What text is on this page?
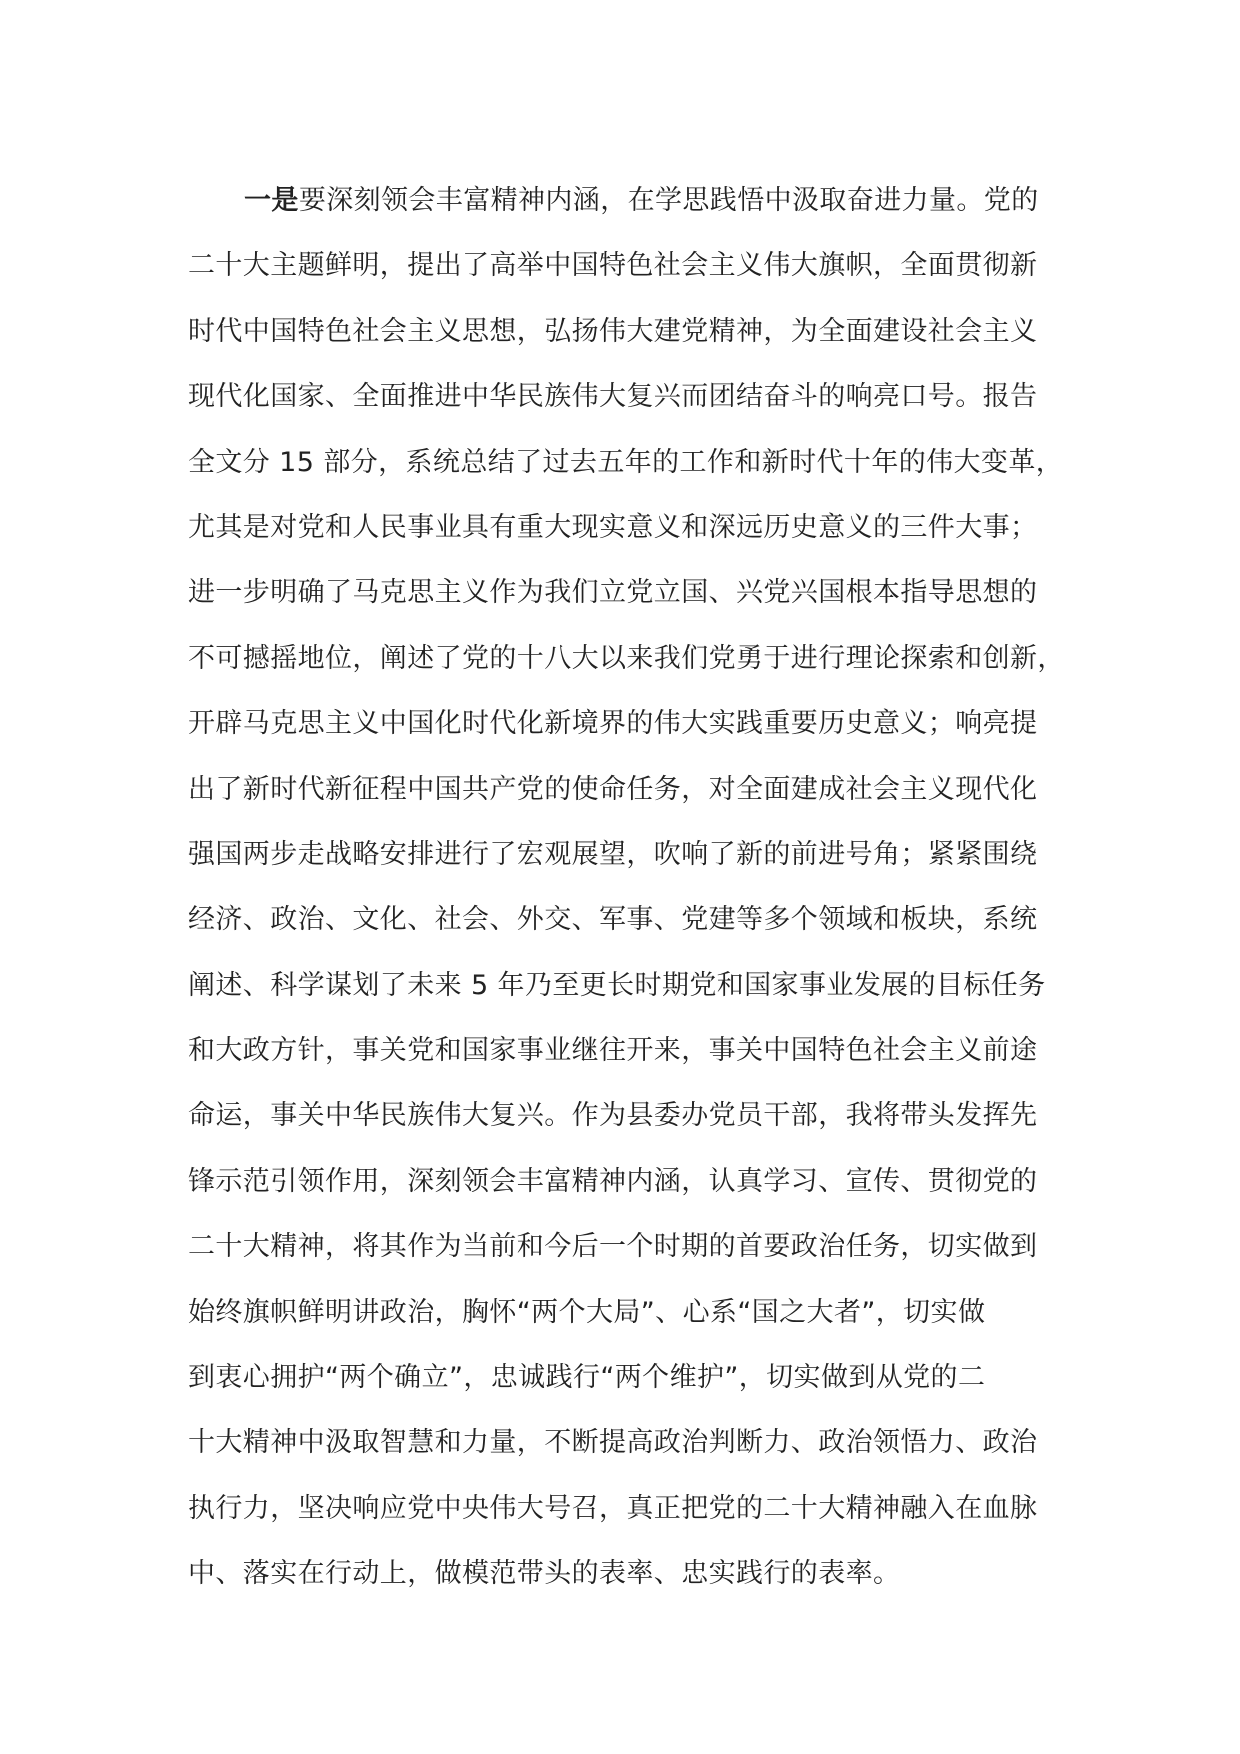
一是要深刻领会丰富精神内涵，在学思践悟中汲取奋进力量。党的
二十大主题鲜明，提出了高举中国特色社会主义伟大旗帜，全面贯彻新
时代中国特色社会主义思想，弘扬伟大建党精神，为全面建设社会主义
现代化国家、全面推进中华民族伟大复兴而团结奋斗的响亮口号。报告
全文分 15 部分，系统总结了过去五年的工作和新时代十年的伟大变革，
尤其是对党和人民事业具有重大现实意义和深远历史意义的三件大事；
进一步明确了马克思主义作为我们立党立国、兴党兴国根本指导思想的
不可撼摇地位，阐述了党的十八大以来我们党勇于进行理论探索和创新，
开辟马克思主义中国化时代化新境界的伟大实践重要历史意义；响亮提
出了新时代新征程中国共产党的使命任务，对全面建成社会主义现代化
强国两步走战略安排进行了宏观展望，吹响了新的前进号角；紧紧围绕
经济、政治、文化、社会、外交、军事、党建等多个领域和板块，系统
阐述、科学谋划了未来 5 年乃至更长时期党和国家事业发展的目标任务
和大政方针，事关党和国家事业继往开来，事关中国特色社会主义前途
命运，事关中华民族伟大复兴。作为县委办党员干部，我将带头发挥先
锋示范引领作用，深刻领会丰富精神内涵，认真学习、宣传、贯彻党的
二十大精神，将其作为当前和今后一个时期的首要政治任务，切实做到
始终旗帜鲜明讲政治，胸怀“两个大局”、心系“国之大者”，切实做
到衷心拥护“两个确立”，忠诚践行“两个维护”，切实做到从党的二
十大精神中汲取智慧和力量，不断提高政治判断力、政治领悟力、政治
执行力，坚决响应党中央伟大号召，真正把党的二十大精神融入在血脉
中、落实在行动上，做模范带头的表率、忠实践行的表率。
